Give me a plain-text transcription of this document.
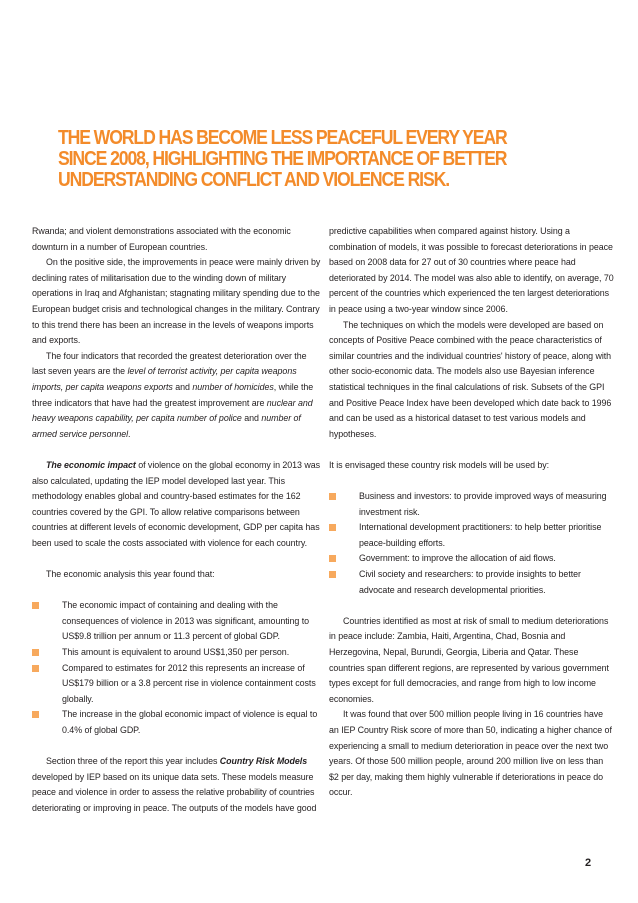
THE WORLD HAS BECOME LESS PEACEFUL EVERY YEAR
SINCE 2008, HIGHLIGHTING THE IMPORTANCE OF BETTER
UNDERSTANDING CONFLICT AND VIOLENCE RISK.

Rwanda; and violent demonstrations associated with the economic downturn in a number of European countries.

On the positive side, the improvements in peace were mainly driven by declining rates of militarisation due to the winding down of military operations in Iraq and Afghanistan; stagnating military spending due to the European budget crisis and technological changes in the military. Contrary to this trend there has been an increase in the levels of weapons imports and exports.

The four indicators that recorded the greatest deterioration over the last seven years are the level of terrorist activity, per capita weapons imports, per capita weapons exports and number of homicides, while the three indicators that have had the greatest improvement are nuclear and heavy weapons capability, per capita number of police and number of armed service personnel.

The economic impact of violence on the global economy in 2013 was also calculated, updating the IEP model developed last year. This methodology enables global and country-based estimates for the 162 countries covered by the GPI. To allow relative comparisons between countries at different levels of economic development, GDP per capita has been used to scale the costs associated with violence for each country.

The economic analysis this year found that:

The economic impact of containing and dealing with the consequences of violence in 2013 was significant, amounting to US$9.8 trillion per annum or 11.3 percent of global GDP.
This amount is equivalent to around US$1,350 per person.
Compared to estimates for 2012 this represents an increase of US$179 billion or a 3.8 percent rise in violence containment costs globally.
The increase in the global economic impact of violence is equal to 0.4% of global GDP.

Section three of the report this year includes Country Risk Models developed by IEP based on its unique data sets. These models measure peace and violence in order to assess the relative probability of countries deteriorating or improving in peace. The outputs of the models have good

predictive capabilities when compared against history. Using a combination of models, it was possible to forecast deteriorations in peace based on 2008 data for 27 out of 30 countries where peace had deteriorated by 2014. The model was also able to identify, on average, 70 percent of the countries which experienced the ten largest deteriorations in peace using a two-year window since 2006.

The techniques on which the models were developed are based on concepts of Positive Peace combined with the peace characteristics of similar countries and the individual countries' history of peace, along with other socio-economic data. The models also use Bayesian inference statistical techniques in the final calculations of risk. Subsets of the GPI and Positive Peace Index have been developed which date back to 1996 and can be used as a historical dataset to test various models and hypotheses.

It is envisaged these country risk models will be used by:

Business and investors: to provide improved ways of measuring investment risk.
International development practitioners: to help better prioritise peace-building efforts.
Government: to improve the allocation of aid flows.
Civil society and researchers: to provide insights to better advocate and research developmental priorities.

Countries identified as most at risk of small to medium deteriorations in peace include: Zambia, Haiti, Argentina, Chad, Bosnia and Herzegovina, Nepal, Burundi, Georgia, Liberia and Qatar. These countries span different regions, are represented by various government types except for full democracies, and range from high to low income economies.

It was found that over 500 million people living in 16 countries have an IEP Country Risk score of more than 50, indicating a higher chance of experiencing a small to medium deterioration in peace over the next two years. Of those 500 million people, around 200 million live on less than $2 per day, making them highly vulnerable if deteriorations in peace do occur.

2
